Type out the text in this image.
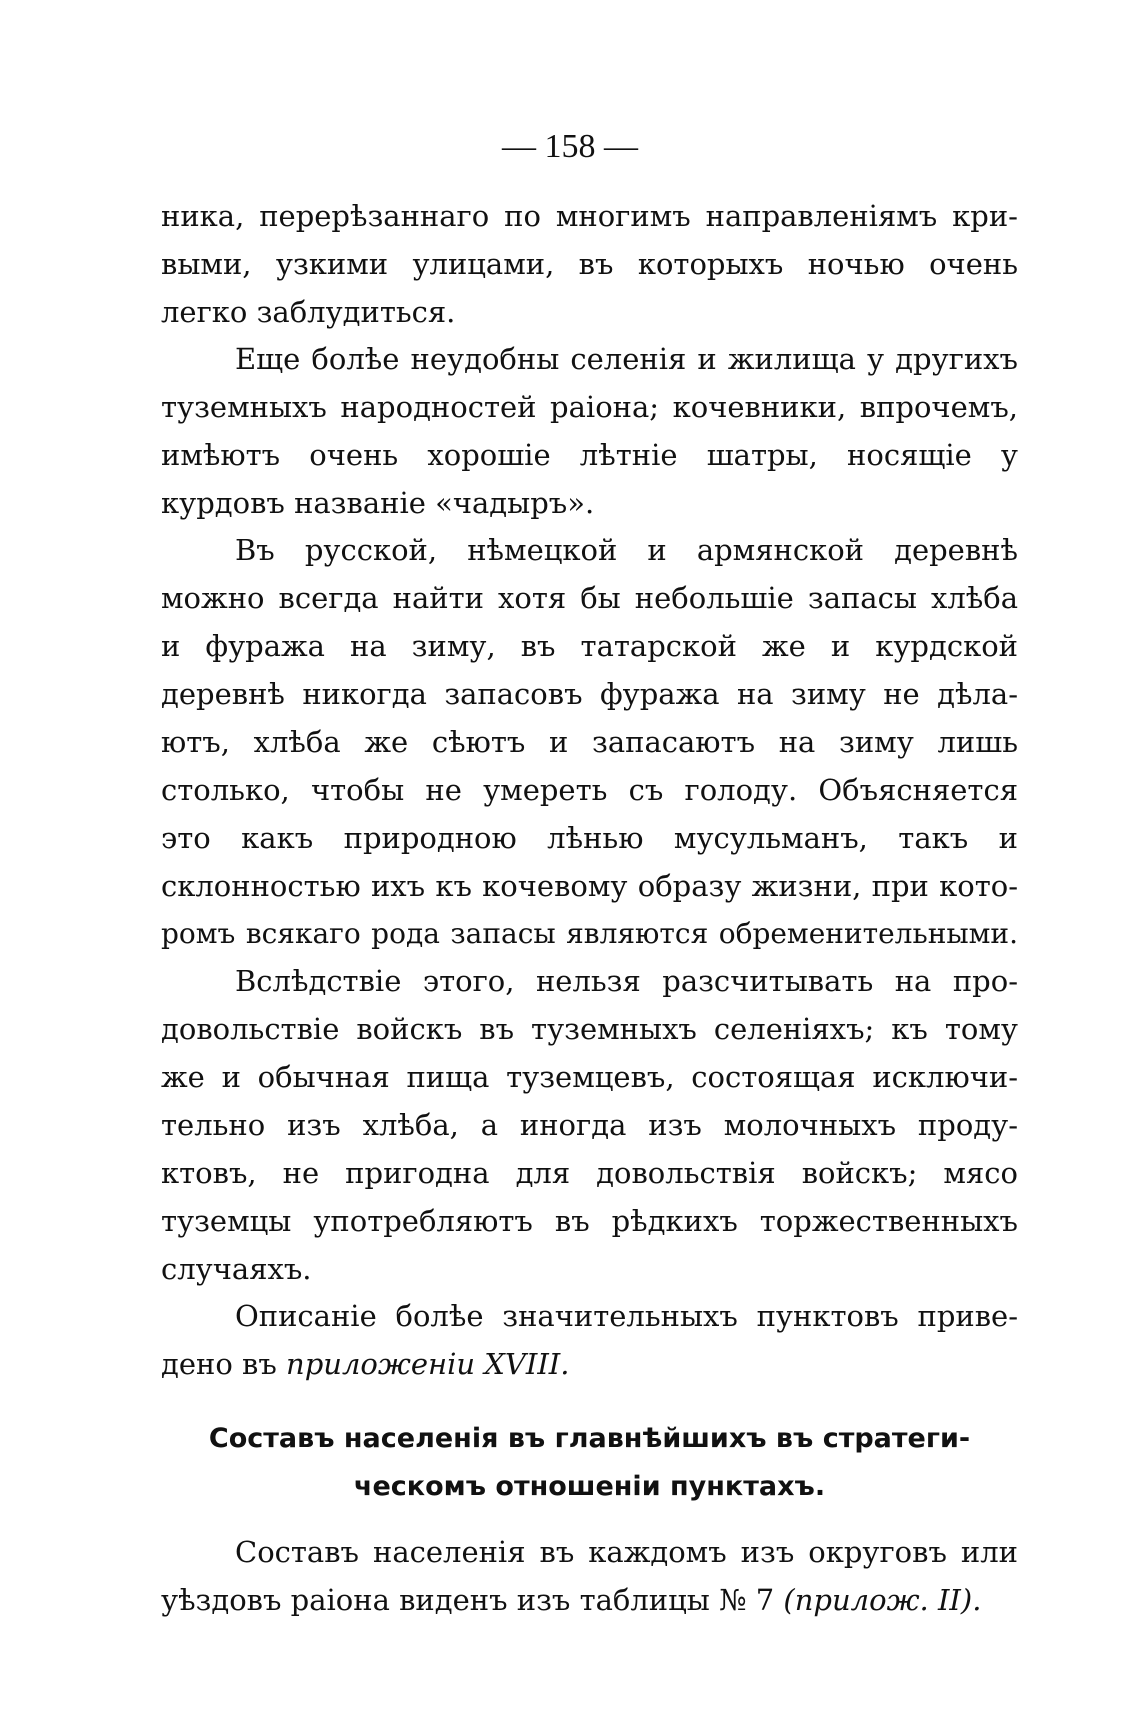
— 158 —
ника, перерѣзаннаго по многимъ направленіямъ кри-
выми, узкими улицами, въ которыхъ ночью очень
легко заблудиться.
Еще болѣе неудобны селенія и жилища у другихъ
туземныхъ народностей раіона; кочевники, впрочемъ,
имѣютъ очень хорошіе лѣтніе шатры, носящіе у
курдовъ названіе «чадыръ».
Въ русской, нѣмецкой и армянской деревнѣ
можно всегда найти хотя бы небольшіе запасы хлѣба
и фуража на зиму, въ татарской же и курдской
деревнѣ никогда запасовъ фуража на зиму не дѣла-
ютъ, хлѣба же сѣютъ и запасаютъ на зиму лишь
столько, чтобы не умереть съ голоду. Объясняется
это какъ природною лѣнью мусульманъ, такъ и
склонностью ихъ къ кочевому образу жизни, при кото-
ромъ всякаго рода запасы являются обременительными.
Вслѣдствіе этого, нельзя разсчитывать на про-
довольствіе войскъ въ туземныхъ селеніяхъ; къ тому
же и обычная пища туземцевъ, состоящая исключи-
тельно изъ хлѣба, а иногда изъ молочныхъ проду-
ктовъ, не пригодна для довольствія войскъ; мясо
туземцы употребляютъ въ рѣдкихъ торжественныхъ
случаяхъ.
Описаніе болѣе значительныхъ пунктовъ приве-
дено въ приложеніи XVIII.
Составъ населенія въ главнѣйшихъ въ стратеги-
ческомъ отношеніи пунктахъ.
Составъ населенія въ каждомъ изъ округовъ или
уѣздовъ раіона виденъ изъ таблицы № 7 (прилож. II).
